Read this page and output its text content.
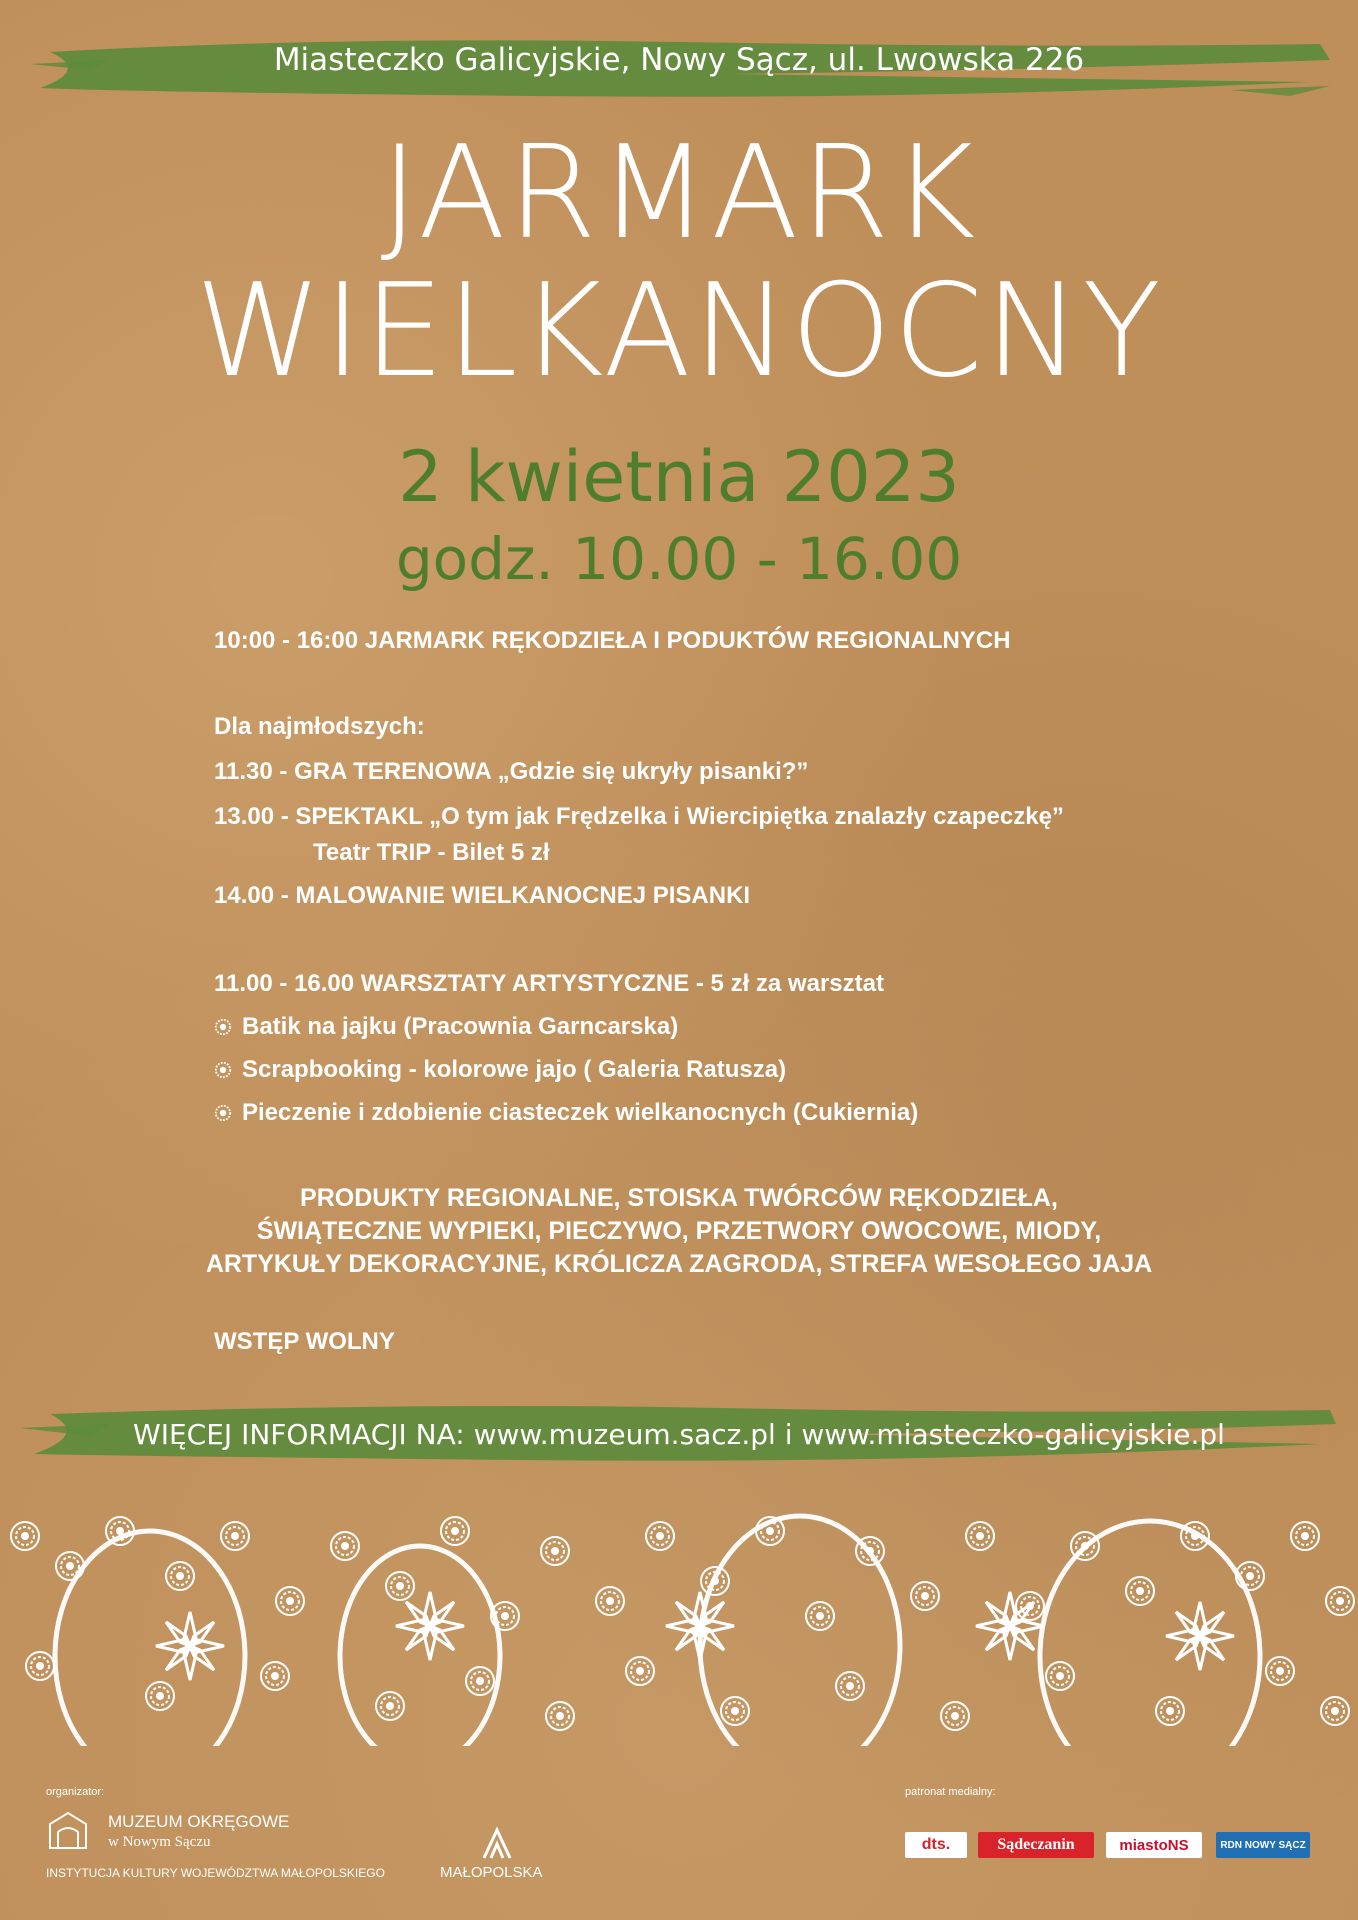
Miasteczko Galicyjskie, Nowy Sącz, ul. Lwowska 226
JARMARK
WIELKANOCNY
2 kwietnia 2023
godz. 10.00 - 16.00
10:00 - 16:00 JARMARK RĘKODZIEŁA I PODUKTÓW REGIONALNYCH
Dla najmłodszych:
11.30 - GRA TERENOWA „Gdzie się ukryły pisanki?”
13.00 - SPEKTAKL „O tym jak Frędzelka i Wiercipiętka znalazły czapeczkę”
Teatr TRIP - Bilet 5 zł
14.00 - MALOWANIE WIELKANOCNEJ PISANKI
11.00 - 16.00 WARSZTATY ARTYSTYCZNE - 5 zł za warsztat
Batik na jajku (Pracownia Garncarska)
Scrapbooking - kolorowe jajo ( Galeria Ratusza)
Pieczenie i zdobienie ciasteczek wielkanocnych (Cukiernia)
PRODUKTY REGIONALNE, STOISKA TWÓRCÓW RĘKODZIEŁA,
ŚWIĄTECZNE WYPIEKI, PIECZYWO, PRZETWORY OWOCOWE, MIODY,
ARTYKUŁY DEKORACYJNE, KRÓLICZA ZAGRODA, STREFA WESOŁEGO JAJA
WSTĘP WOLNY
WIĘCEJ INFORMACJI NA: www.muzeum.sacz.pl i www.miasteczko-galicyjskie.pl
organizator:
MUZEUM OKRĘGOWE
w Nowym Sączu
INSTYTUCJA KULTURY WOJEWÓDZTWA MAŁOPOLSKIEGO	MAŁOPOLSKA
patronat medialny:
dts.	Sądeczanin	miastoNS	RDN NOWY SĄCZ
